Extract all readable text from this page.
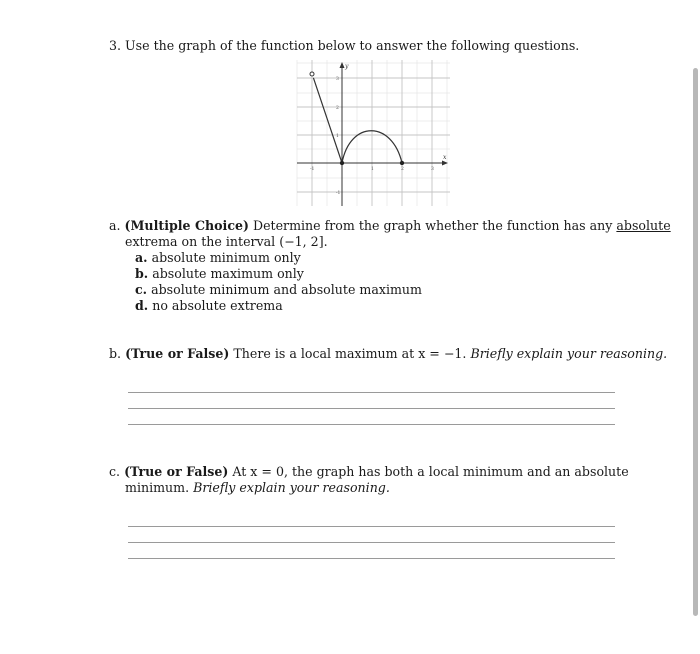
3. Use the graph of the function below to answer the following questions.
y
x
-1	1	2	3
3
2
1
-1
a. (Multiple Choice) Determine from the graph whether the function has any absolute
extrema on the interval (−1, 2].
a. absolute minimum only
b. absolute maximum only
c. absolute minimum and absolute maximum
d. no absolute extrema
b. (True or False) There is a local maximum at x = −1. Briefly explain your reasoning.
c. (True or False) At x = 0, the graph has both a local minimum and an absolute
minimum. Briefly explain your reasoning.
